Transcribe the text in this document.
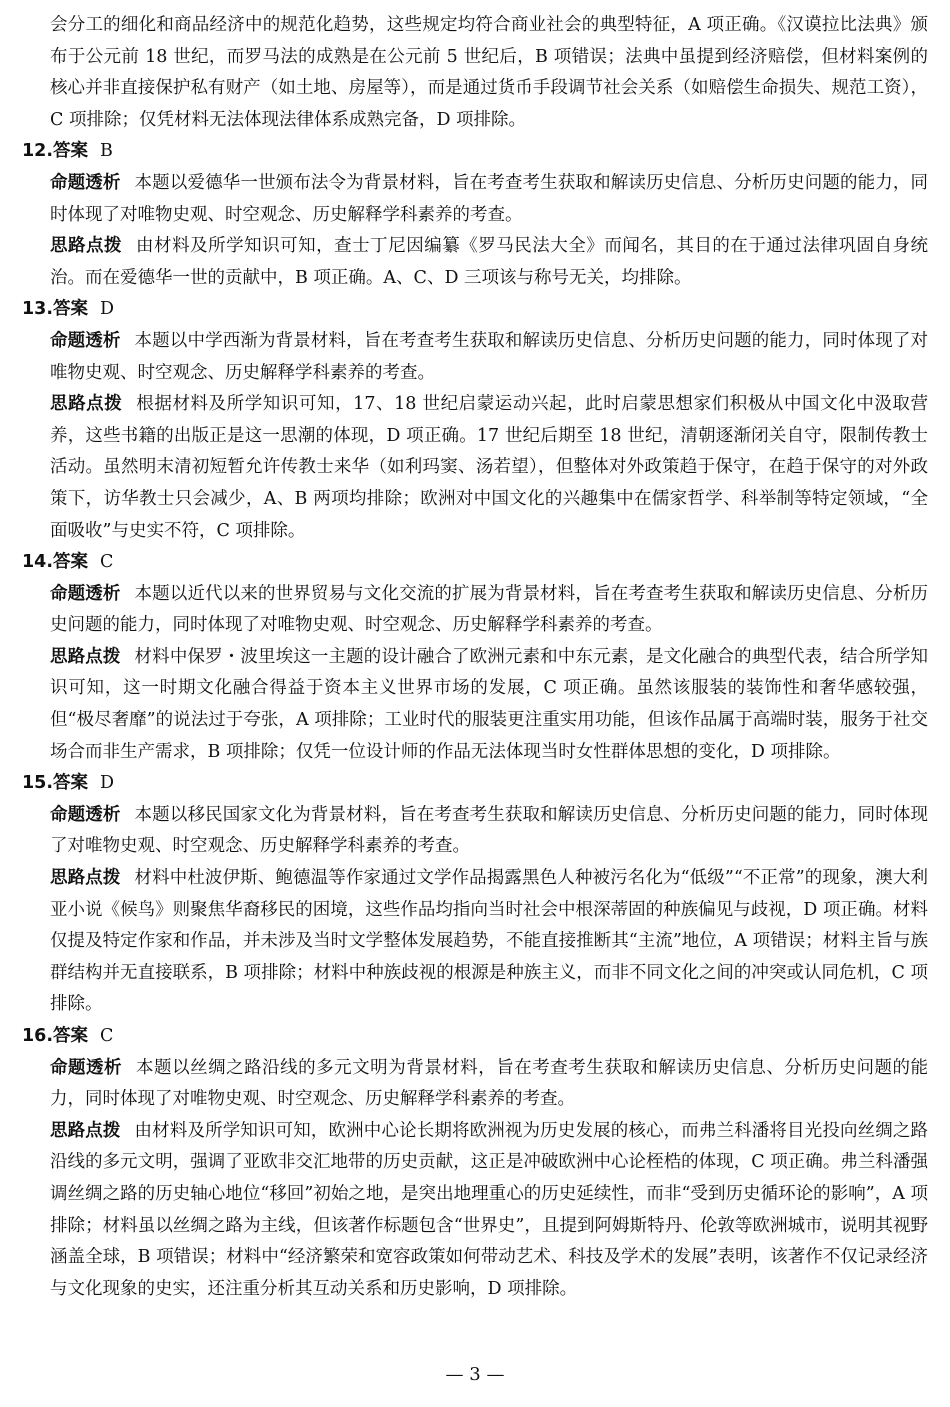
会分工的细化和商品经济中的规范化趋势，这些规定均符合商业社会的典型特征，A 项正确。《汉谟拉比法典》颁布于公元前 18 世纪，而罗马法的成熟是在公元前 5 世纪后，B 项错误；法典中虽提到经济赔偿，但材料案例的核心并非直接保护私有财产（如土地、房屋等），而是通过货币手段调节社会关系（如赔偿生命损失、规范工资），C 项排除；仅凭材料无法体现法律体系成熟完备，D 项排除。

12.答案 B

命题透析 本题以爱德华一世颁布法令为背景材料，旨在考查考生获取和解读历史信息、分析历史问题的能力，同时体现了对唯物史观、时空观念、历史解释学科素养的考查。

思路点拨 由材料及所学知识可知，查士丁尼因编纂《罗马民法大全》而闻名，其目的在于通过法律巩固自身统治。而在爱德华一世的贡献中，B 项正确。A、C、D 三项该与称号无关，均排除。

13.答案 D

命题透析 本题以中学西渐为背景材料，旨在考查考生获取和解读历史信息、分析历史问题的能力，同时体现了对唯物史观、时空观念、历史解释学科素养的考查。

思路点拨 根据材料及所学知识可知，17、18 世纪启蒙运动兴起，此时启蒙思想家们积极从中国文化中汲取营养，这些书籍的出版正是这一思潮的体现，D 项正确。17 世纪后期至 18 世纪，清朝逐渐闭关自守，限制传教士活动。虽然明末清初短暂允许传教士来华（如利玛窦、汤若望），但整体对外政策趋于保守，在趋于保守的对外政策下，访华教士只会减少，A、B 两项均排除；欧洲对中国文化的兴趣集中在儒家哲学、科举制等特定领域，“全面吸收”与史实不符，C 项排除。

14.答案 C

命题透析 本题以近代以来的世界贸易与文化交流的扩展为背景材料，旨在考查考生获取和解读历史信息、分析历史问题的能力，同时体现了对唯物史观、时空观念、历史解释学科素养的考查。

思路点拨 材料中保罗・波里埃这一主题的设计融合了欧洲元素和中东元素，是文化融合的典型代表，结合所学知识可知，这一时期文化融合得益于资本主义世界市场的发展，C 项正确。虽然该服装的装饰性和奢华感较强，但“极尽奢靡”的说法过于夸张，A 项排除；工业时代的服装更注重实用功能，但该作品属于高端时装，服务于社交场合而非生产需求，B 项排除；仅凭一位设计师的作品无法体现当时女性群体思想的变化，D 项排除。

15.答案 D

命题透析 本题以移民国家文化为背景材料，旨在考查考生获取和解读历史信息、分析历史问题的能力，同时体现了对唯物史观、时空观念、历史解释学科素养的考查。

思路点拨 材料中杜波伊斯、鲍德温等作家通过文学作品揭露黑色人种被污名化为“低级”“不正常”的现象，澳大利亚小说《候鸟》则聚焦华裔移民的困境，这些作品均指向当时社会中根深蒂固的种族偏见与歧视，D 项正确。材料仅提及特定作家和作品，并未涉及当时文学整体发展趋势，不能直接推断其“主流”地位，A 项错误；材料主旨与族群结构并无直接联系，B 项排除；材料中种族歧视的根源是种族主义，而非不同文化之间的冲突或认同危机，C 项排除。

16.答案 C

命题透析 本题以丝绸之路沿线的多元文明为背景材料，旨在考查考生获取和解读历史信息、分析历史问题的能力，同时体现了对唯物史观、时空观念、历史解释学科素养的考查。

思路点拨 由材料及所学知识可知，欧洲中心论长期将欧洲视为历史发展的核心，而弗兰科潘将目光投向丝绸之路沿线的多元文明，强调了亚欧非交汇地带的历史贡献，这正是冲破欧洲中心论桎梏的体现，C 项正确。弗兰科潘强调丝绸之路的历史轴心地位“移回”初始之地，是突出地理重心的历史延续性，而非“受到历史循环论的影响”，A 项排除；材料虽以丝绸之路为主线，但该著作标题包含“世界史”，且提到阿姆斯特丹、伦敦等欧洲城市，说明其视野涵盖全球，B 项错误；材料中“经济繁荣和宽容政策如何带动艺术、科技及学术的发展”表明，该著作不仅记录经济与文化现象的史实，还注重分析其互动关系和历史影响，D 项排除。

— 3 —
